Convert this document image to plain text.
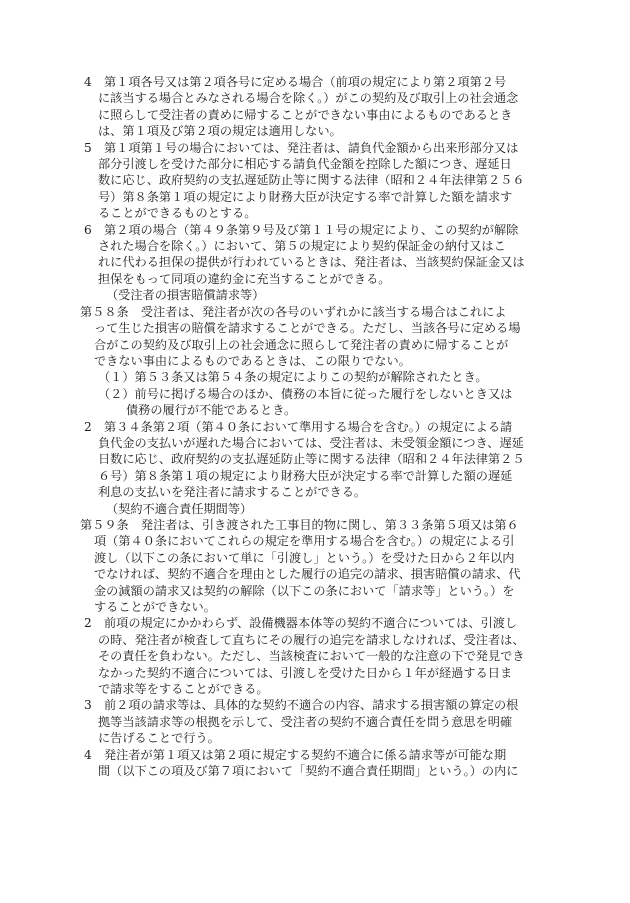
4　第１項各号又は第２項各号に定める場合（前項の規定により第２項第２号
に該当する場合とみなされる場合を除く。）がこの契約及び取引上の社会通念
に照らして受注者の責めに帰することができない事由によるものであるとき
は、第１項及び第２項の規定は適用しない。
5　第１項第１号の場合においては、発注者は、請負代金額から出来形部分又は
部分引渡しを受けた部分に相応する請負代金額を控除した額につき、遅延日
数に応じ、政府契約の支払遅延防止等に関する法律（昭和２４年法律第２５６
号）第８条第１項の規定により財務大臣が決定する率で計算した額を請求す
ることができるものとする。
6　第２項の場合（第４９条第９号及び第１１号の規定により、この契約が解除
された場合を除く。）において、第５の規定により契約保証金の納付又はこ
れに代わる担保の提供が行われているときは、発注者は、当該契約保証金又は
担保をもって同項の違約金に充当することができる。
（受注者の損害賠償請求等）
第５８条　受注者は、発注者が次の各号のいずれかに該当する場合はこれによ
って生じた損害の賠償を請求することができる。ただし、当該各号に定める場
合がこの契約及び取引上の社会通念に照らして発注者の責めに帰することが
できない事由によるものであるときは、この限りでない。
（１）第５３条又は第５４条の規定によりこの契約が解除されたとき。
（２）前号に掲げる場合のほか、債務の本旨に従った履行をしないとき又は
債務の履行が不能であるとき。
2　第３４条第２項（第４０条において準用する場合を含む。）の規定による請
負代金の支払いが遅れた場合においては、受注者は、未受領金額につき、遅延
日数に応じ、政府契約の支払遅延防止等に関する法律（昭和２４年法律第２５
６号）第８条第１項の規定により財務大臣が決定する率で計算した額の遅延
利息の支払いを発注者に請求することができる。
（契約不適合責任期間等）
第５９条　発注者は、引き渡された工事目的物に関し、第３３条第５項又は第６
項（第４０条においてこれらの規定を準用する場合を含む。）の規定による引
渡し（以下この条において単に「引渡し」という。）を受けた日から２年以内
でなければ、契約不適合を理由とした履行の追完の請求、損害賠償の請求、代
金の減額の請求又は契約の解除（以下この条において「請求等」という。）を
することができない。
2　前項の規定にかかわらず、設備機器本体等の契約不適合については、引渡し
の時、発注者が検査して直ちにその履行の追完を請求しなければ、受注者は、
その責任を負わない。ただし、当該検査において一般的な注意の下で発見でき
なかった契約不適合については、引渡しを受けた日から１年が経過する日ま
で請求等をすることができる。
3　前２項の請求等は、具体的な契約不適合の内容、請求する損害額の算定の根
拠等当該請求等の根拠を示して、受注者の契約不適合責任を問う意思を明確
に告げることで行う。
4　発注者が第１項又は第２項に規定する契約不適合に係る請求等が可能な期
間（以下この項及び第７項において「契約不適合責任期間」という。）の内に
